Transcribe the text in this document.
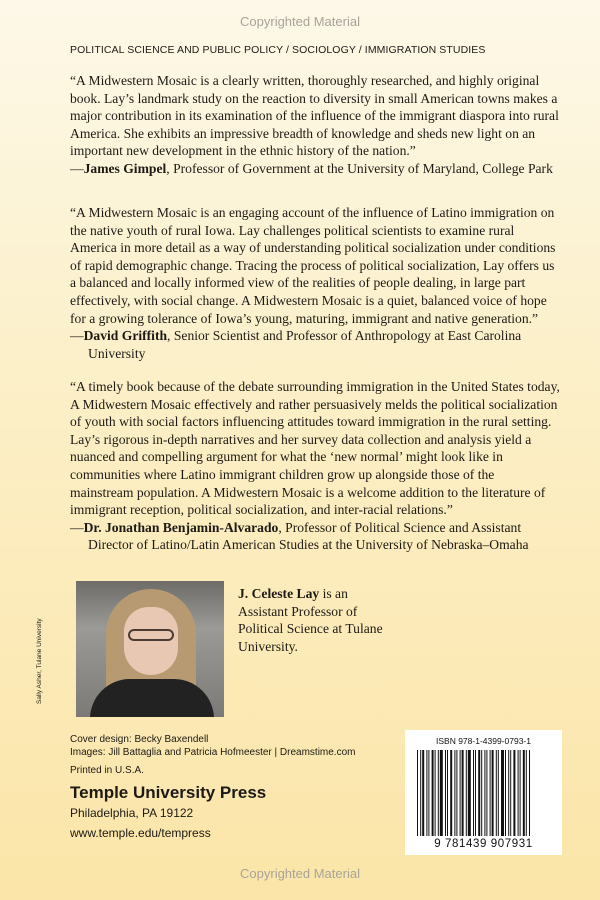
Copyrighted Material
POLITICAL SCIENCE AND PUBLIC POLICY / SOCIOLOGY / IMMIGRATION STUDIES

“A Midwestern Mosaic is a clearly written, thoroughly researched, and highly original book. Lay’s landmark study on the reaction to diversity in small American towns makes a major contribution in its examination of the influence of the immigrant diaspora into rural America. She exhibits an impressive breadth of knowledge and sheds new light on an important new development in the ethnic history of the nation.”

—James Gimpel, Professor of Government at the University of Maryland, College Park

“A Midwestern Mosaic is an engaging account of the influence of Latino immigration on the native youth of rural Iowa. Lay challenges political scientists to examine rural America in more detail as a way of understanding political socialization under conditions of rapid demographic change. Tracing the process of political socialization, Lay offers us a balanced and locally informed view of the realities of people dealing, in large part effectively, with social change. A Midwestern Mosaic is a quiet, balanced voice of hope for a growing tolerance of Iowa’s young, maturing, immigrant and native generation.”

—David Griffith, Senior Scientist and Professor of Anthropology at East Carolina University

“A timely book because of the debate surrounding immigration in the United States today, A Midwestern Mosaic effectively and rather persuasively melds the political socialization of youth with social factors influencing attitudes toward immigration in the rural setting. Lay’s rigorous in-depth narratives and her survey data collection and analysis yield a nuanced and compelling argument for what the ‘new normal’ might look like in communities where Latino immigrant children grow up alongside those of the mainstream population. A Midwestern Mosaic is a welcome addition to the literature of immigrant reception, political socialization, and inter-racial relations.”

—Dr. Jonathan Benjamin-Alvarado, Professor of Political Science and Assistant Director of Latino/Latin American Studies at the University of Nebraska–Omaha

Sally Asher, Tulane University

J. Celeste Lay is an Assistant Professor of Political Science at Tulane University.

Cover design: Becky Baxendell
Images: Jill Battaglia and Patricia Hofmeester | Dreamstime.com
Printed in U.S.A.
Temple University Press
Philadelphia, PA 19122
www.temple.edu/tempress
ISBN 978-1-4399-0793-1
9 781439 907931
Copyrighted Material
